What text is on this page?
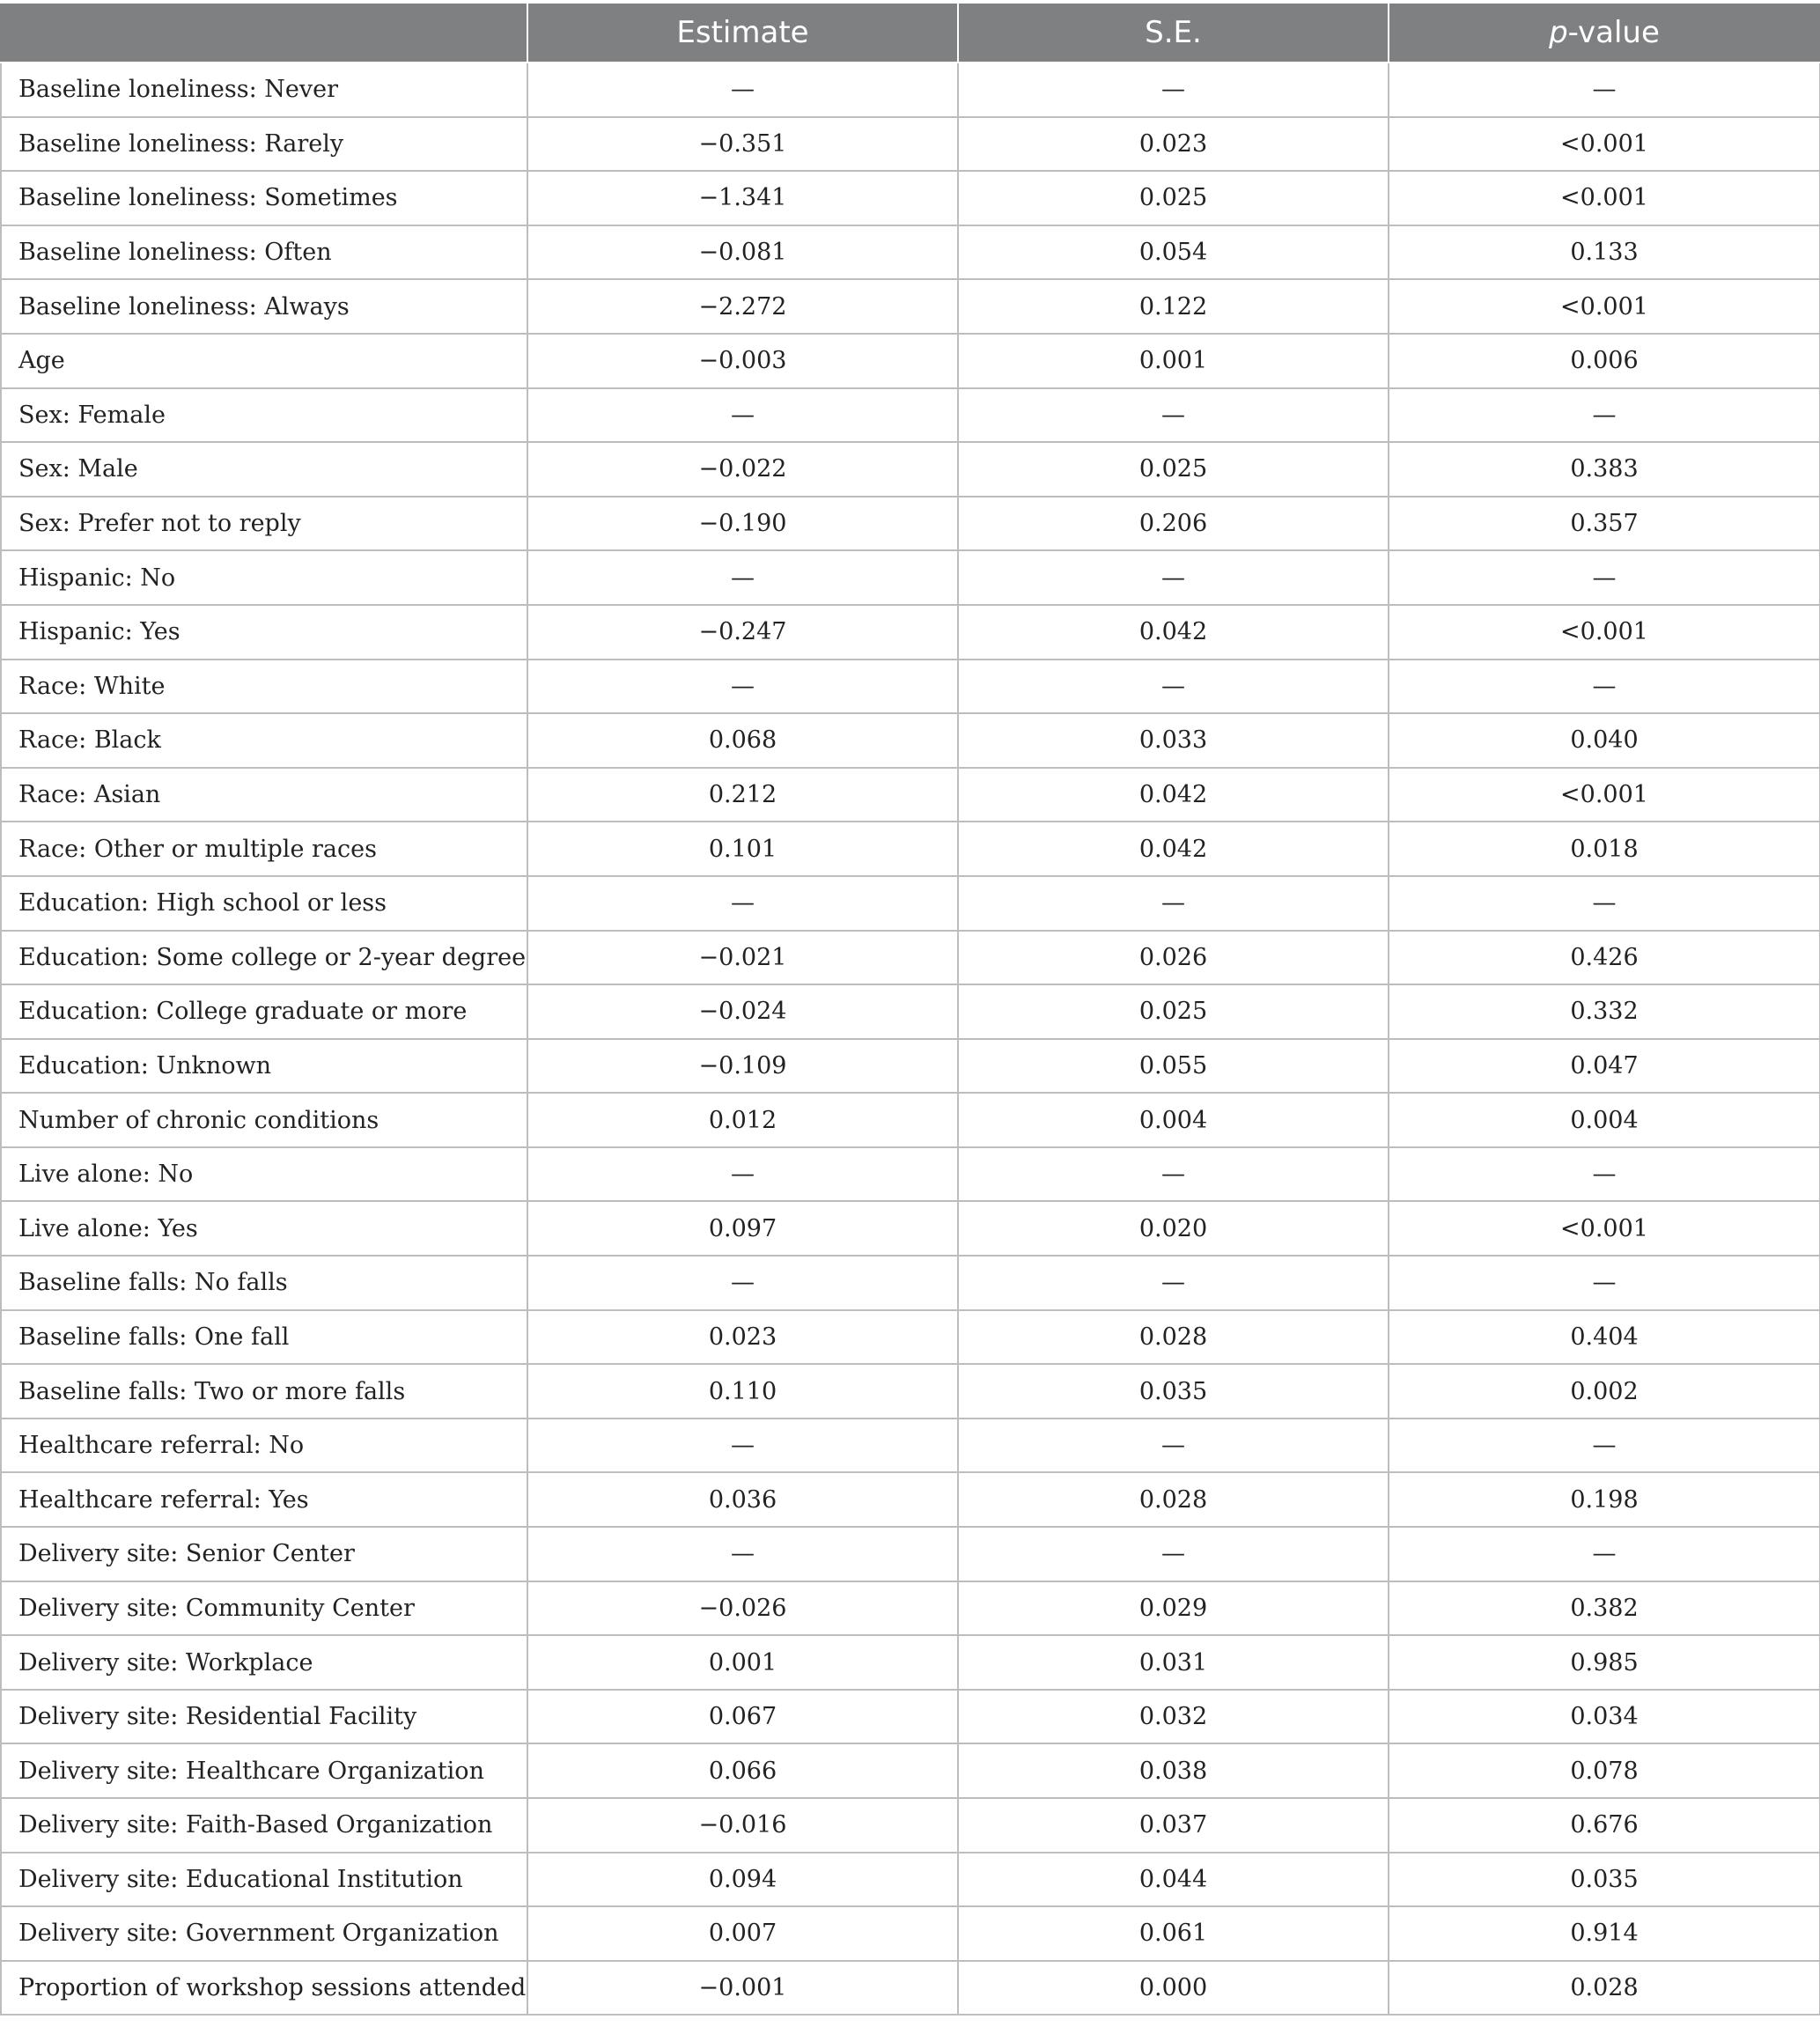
	Estimate	S.E.	p-value
Baseline loneliness: Never	—	—	—
Baseline loneliness: Rarely	−0.351	0.023	<0.001
Baseline loneliness: Sometimes	−1.341	0.025	<0.001
Baseline loneliness: Often	−0.081	0.054	0.133
Baseline loneliness: Always	−2.272	0.122	<0.001
Age	−0.003	0.001	0.006
Sex: Female	—	—	—
Sex: Male	−0.022	0.025	0.383
Sex: Prefer not to reply	−0.190	0.206	0.357
Hispanic: No	—	—	—
Hispanic: Yes	−0.247	0.042	<0.001
Race: White	—	—	—
Race: Black	0.068	0.033	0.040
Race: Asian	0.212	0.042	<0.001
Race: Other or multiple races	0.101	0.042	0.018
Education: High school or less	—	—	—
Education: Some college or 2-year degree	−0.021	0.026	0.426
Education: College graduate or more	−0.024	0.025	0.332
Education: Unknown	−0.109	0.055	0.047
Number of chronic conditions	0.012	0.004	0.004
Live alone: No	—	—	—
Live alone: Yes	0.097	0.020	<0.001
Baseline falls: No falls	—	—	—
Baseline falls: One fall	0.023	0.028	0.404
Baseline falls: Two or more falls	0.110	0.035	0.002
Healthcare referral: No	—	—	—
Healthcare referral: Yes	0.036	0.028	0.198
Delivery site: Senior Center	—	—	—
Delivery site: Community Center	−0.026	0.029	0.382
Delivery site: Workplace	0.001	0.031	0.985
Delivery site: Residential Facility	0.067	0.032	0.034
Delivery site: Healthcare Organization	0.066	0.038	0.078
Delivery site: Faith-Based Organization	−0.016	0.037	0.676
Delivery site: Educational Institution	0.094	0.044	0.035
Delivery site: Government Organization	0.007	0.061	0.914
Proportion of workshop sessions attended	−0.001	0.000	0.028
